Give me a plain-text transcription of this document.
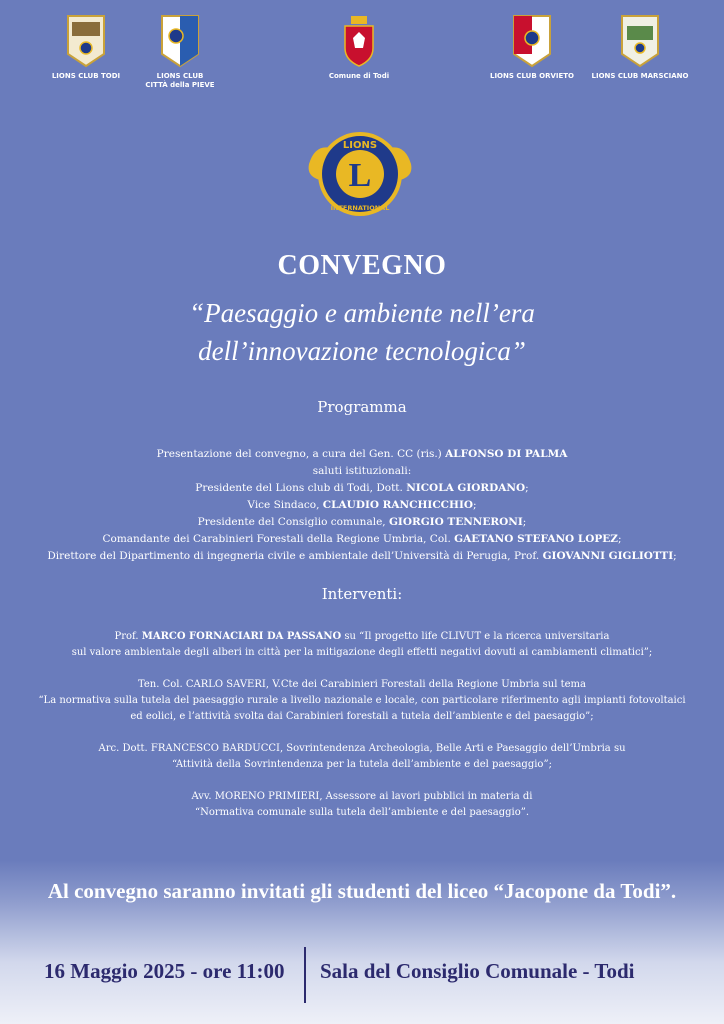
LIONS CLUB TODI	LIONS CLUB
CITTÀ della PIEVE
Comune di Todi	LIONS CLUB ORVIETO	LIONS CLUB MARSCIANO
L
LIONS
INTERNATIONAL
CONVEGNO
“Paesaggio e ambiente nell’era
dell’innovazione tecnologica”
Programma
Presentazione del convegno, a cura del Gen. CC (ris.) ALFONSO DI PALMA
saluti istituzionali:
Presidente del Lions club di Todi, Dott. NICOLA GIORDANO;
Vice Sindaco, CLAUDIO RANCHICCHIO;
Presidente del Consiglio comunale, GIORGIO TENNERONI;
Comandante dei Carabinieri Forestali della Regione Umbria, Col. GAETANO STEFANO LOPEZ;
Direttore del Dipartimento di ingegneria civile e ambientale dell’Università di Perugia, Prof. GIOVANNI GIGLIOTTI;
Interventi:
Prof. MARCO FORNACIARI DA PASSANO su “Il progetto life CLIVUT e la ricerca universitaria
sul valore ambientale degli alberi in città per la mitigazione degli effetti negativi dovuti ai cambiamenti climatici”;
Ten. Col. CARLO SAVERI, V.Cte dei Carabinieri Forestali della Regione Umbria sul tema
“La normativa sulla tutela del paesaggio rurale a livello nazionale e locale, con particolare riferimento agli impianti fotovoltaici
ed eolici, e l’attività svolta dai Carabinieri forestali a tutela dell’ambiente e del paesaggio”;
Arc. Dott. FRANCESCO BARDUCCI, Sovrintendenza Archeologia, Belle Arti e Paesaggio dell’Umbria su
“Attività della Sovrintendenza per la tutela dell’ambiente e del paesaggio”;
Avv. MORENO PRIMIERI, Assessore ai lavori pubblici in materia di
“Normativa comunale sulla tutela dell’ambiente e del paesaggio”.
Al convegno saranno invitati gli studenti del liceo “Jacopone da Todi”.
16 Maggio 2025 - ore 11:00 Sala del Consiglio Comunale - Todi
